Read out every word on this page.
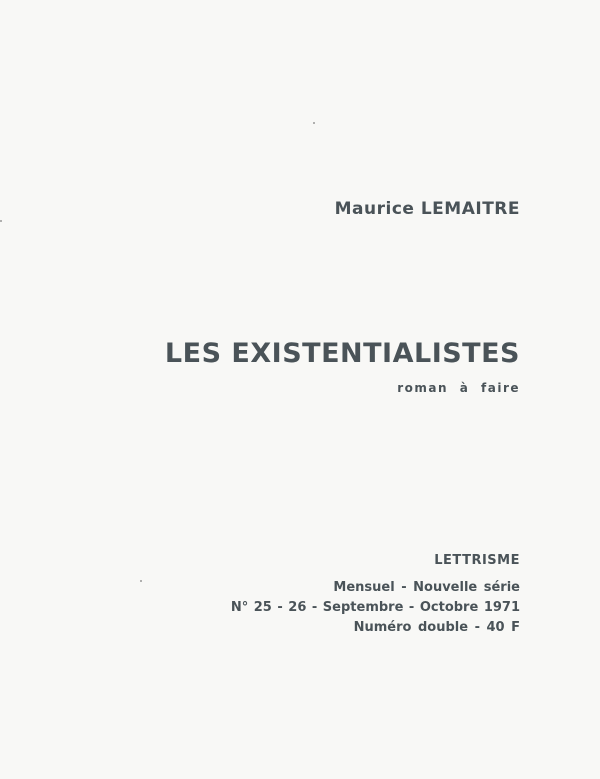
Maurice LEMAITRE
LES EXISTENTIALISTES
roman à faire
LETTRISME
Mensuel - Nouvelle série
N° 25 - 26 - Septembre - Octobre 1971
Numéro double - 40 F
